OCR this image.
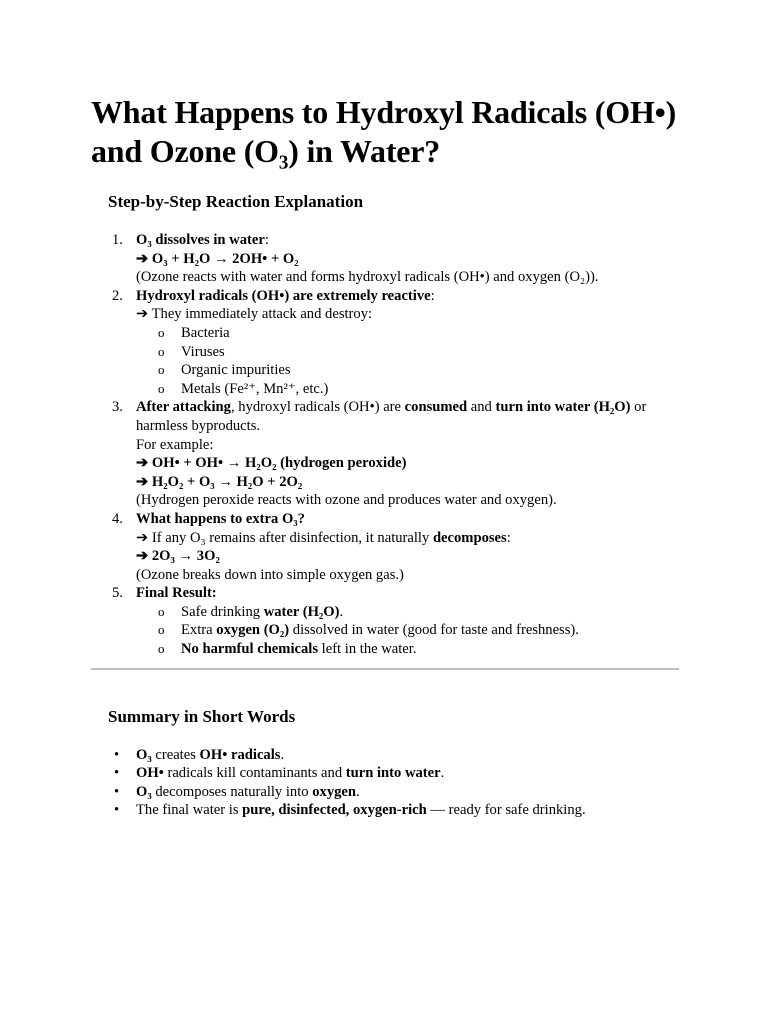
What Happens to Hydroxyl Radicals (OH•) and Ozone (O₃) in Water?
Step-by-Step Reaction Explanation
1. O₃ dissolves in water:
➔ O₃ + H₂O → 2OH• + O₂
(Ozone reacts with water and forms hydroxyl radicals (OH•) and oxygen (O₂)).
2. Hydroxyl radicals (OH•) are extremely reactive:
➔ They immediately attack and destroy:
o Bacteria
o Viruses
o Organic impurities
o Metals (Fe²⁺, Mn²⁺, etc.)
3. After attacking, hydroxyl radicals (OH•) are consumed and turn into water (H₂O) or harmless byproducts.
For example:
➔ OH• + OH• → H₂O₂ (hydrogen peroxide)
➔ H₂O₂ + O₃ → H₂O + 2O₂
(Hydrogen peroxide reacts with ozone and produces water and oxygen).
4. What happens to extra O₃?
➔ If any O₃ remains after disinfection, it naturally decomposes:
➔ 2O₃ → 3O₂
(Ozone breaks down into simple oxygen gas.)
5. Final Result:
o Safe drinking water (H₂O).
o Extra oxygen (O₂) dissolved in water (good for taste and freshness).
o No harmful chemicals left in the water.
Summary in Short Words
• O₃ creates OH• radicals.
• OH• radicals kill contaminants and turn into water.
• O₃ decomposes naturally into oxygen.
• The final water is pure, disinfected, oxygen-rich — ready for safe drinking.
